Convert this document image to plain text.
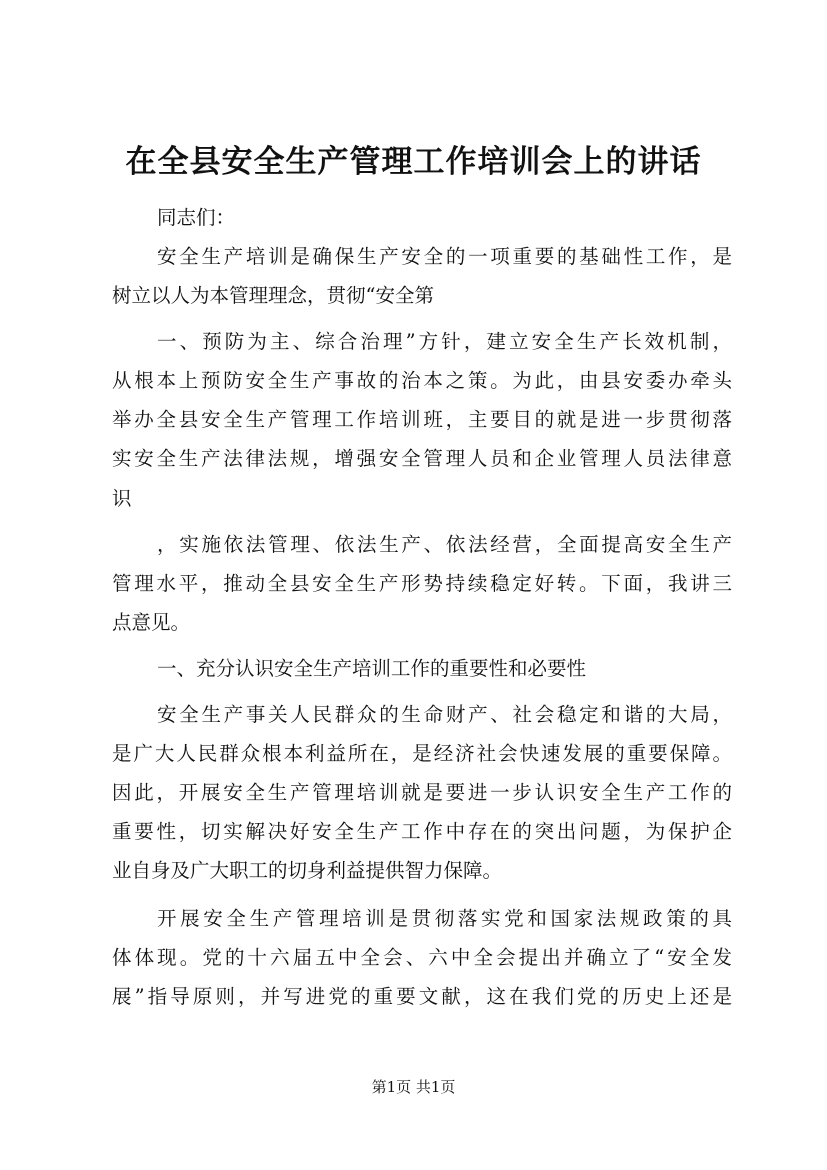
在全县安全生产管理工作培训会上的讲话
同志们：
安全生产培训是确保生产安全的一项重要的基础性工作，是
树立以人为本管理理念，贯彻“安全第
一、预防为主、综合治理”方针，建立安全生产长效机制，
从根本上预防安全生产事故的治本之策。为此，由县安委办牵头
举办全县安全生产管理工作培训班，主要目的就是进一步贯彻落
实安全生产法律法规，增强安全管理人员和企业管理人员法律意
识
，实施依法管理、依法生产、依法经营，全面提高安全生产
管理水平，推动全县安全生产形势持续稳定好转。下面，我讲三
点意见。
一、充分认识安全生产培训工作的重要性和必要性
安全生产事关人民群众的生命财产、社会稳定和谐的大局，
是广大人民群众根本利益所在，是经济社会快速发展的重要保障。
因此，开展安全生产管理培训就是要进一步认识安全生产工作的
重要性，切实解决好安全生产工作中存在的突出问题，为保护企
业自身及广大职工的切身利益提供智力保障。
开展安全生产管理培训是贯彻落实党和国家法规政策的具
体体现。党的十六届五中全会、六中全会提出并确立了“安全发
展”指导原则，并写进党的重要文献，这在我们党的历史上还是
第1页 共1页
